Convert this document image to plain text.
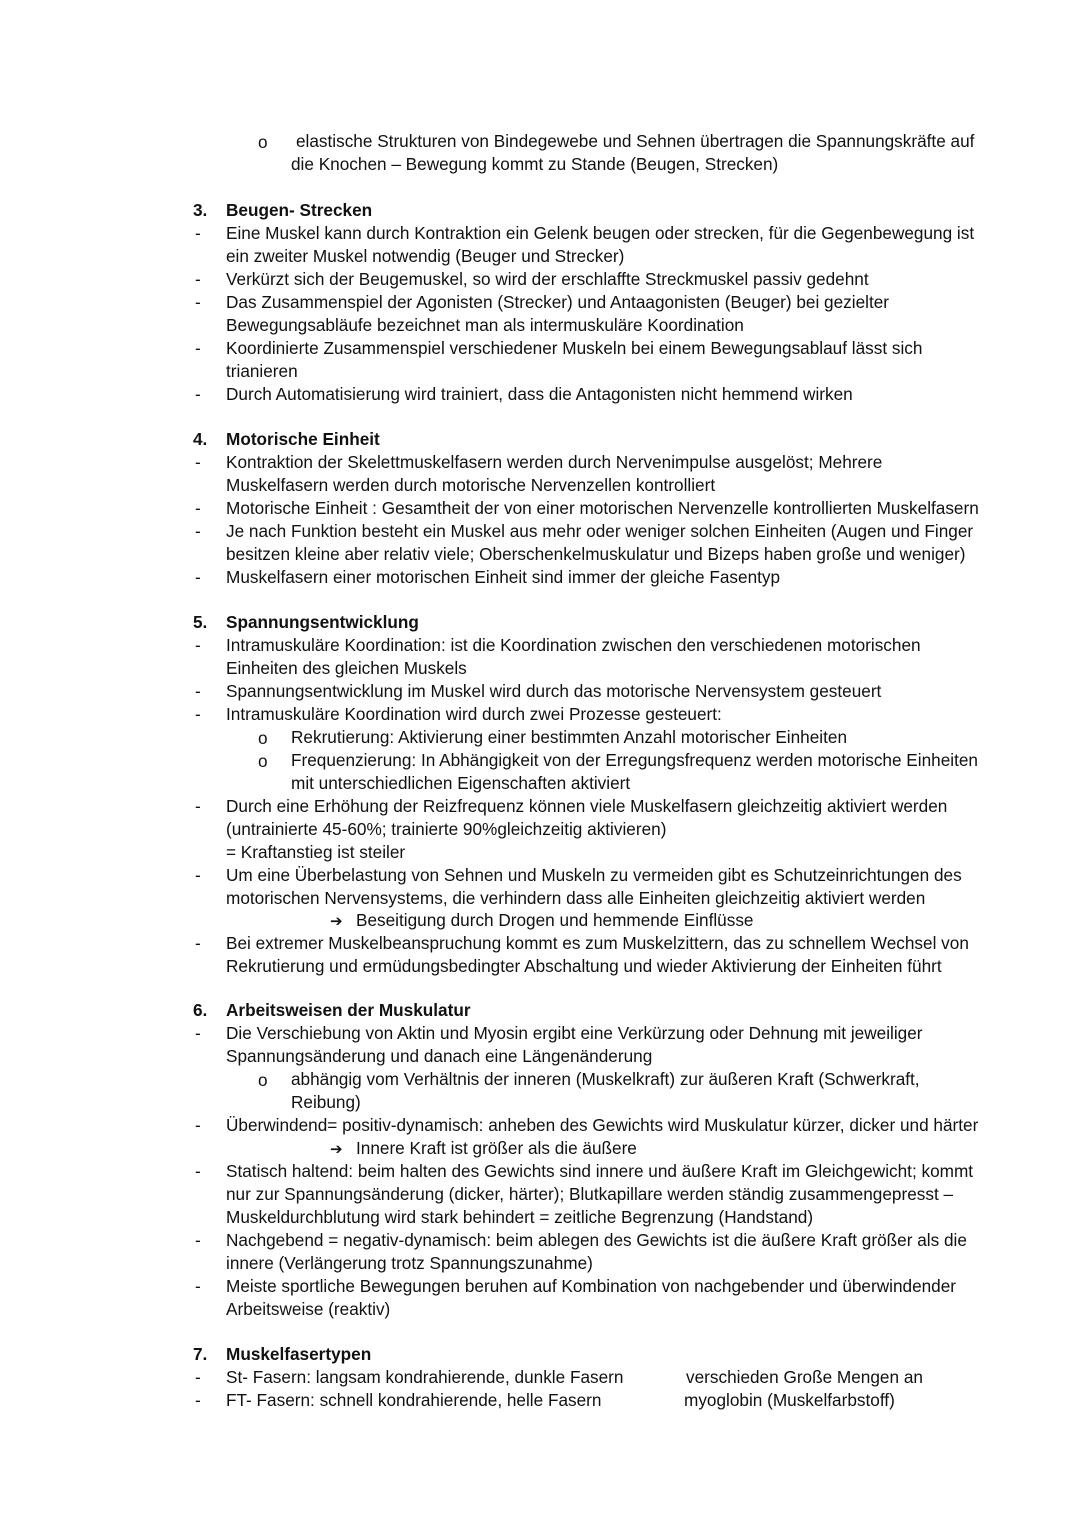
o elastische Strukturen von Bindegewebe und Sehnen übertragen die Spannungskräfte auf
die Knochen – Bewegung kommt zu Stande (Beugen, Strecken)
3. Beugen- Strecken
Eine Muskel kann durch Kontraktion ein Gelenk beugen oder strecken, für die Gegenbewegung ist
ein zweiter Muskel notwendig (Beuger und Strecker)
Verkürzt sich der Beugemuskel, so wird der erschlaffte Streckmuskel passiv gedehnt
Das Zusammenspiel der Agonisten (Strecker) und Antaagonisten (Beuger) bei gezielter
Bewegungsabläufe bezeichnet man als intermuskuläre Koordination
Koordinierte Zusammenspiel verschiedener Muskeln bei einem Bewegungsablauf lässt sich
trianieren
Durch Automatisierung wird trainiert, dass die Antagonisten nicht hemmend wirken
-
-
-
-
-
4. Motorische Einheit
-
-
-
-
Kontraktion der Skelettmuskelfasern werden durch Nervenimpulse ausgelöst; Mehrere
Muskelfasern werden durch motorische Nervenzellen kontrolliert
Motorische Einheit : Gesamtheit der von einer motorischen Nervenzelle kontrollierten Muskelfasern
Je nach Funktion besteht ein Muskel aus mehr oder weniger solchen Einheiten (Augen und Finger
besitzen kleine aber relativ viele; Oberschenkelmuskulatur und Bizeps haben große und weniger)
Muskelfasern einer motorischen Einheit sind immer der gleiche Fasentyp
5. Spannungsentwicklung
Intramuskuläre Koordination: ist die Koordination zwischen den verschiedenen motorischen
Einheiten des gleichen Muskels
Spannungsentwicklung im Muskel wird durch das motorische Nervensystem gesteuert
Intramuskuläre Koordination wird durch zwei Prozesse gesteuert:
Rekrutierung: Aktivierung einer bestimmten Anzahl motorischer Einheiten
Frequenzierung: In Abhängigkeit von der Erregungsfrequenz werden motorische Einheiten
mit unterschiedlichen Eigenschaften aktiviert
Durch eine Erhöhung der Reizfrequenz können viele Muskelfasern gleichzeitig aktiviert werden
(untrainierte 45-60%; trainierte 90%gleichzeitig aktivieren)
= Kraftanstieg ist steiler
Um eine Überbelastung von Sehnen und Muskeln zu vermeiden gibt es Schutzeinrichtungen des
motorischen Nervensystems, die verhindern dass alle Einheiten gleichzeitig aktiviert werden
Beseitigung durch Drogen und hemmende Einflüsse
Bei extremer Muskelbeanspruchung kommt es zum Muskelzittern, das zu schnellem Wechsel von
Rekrutierung und ermüdungsbedingter Abschaltung und wieder Aktivierung der Einheiten führt
-
-
-
-
-
-
o
o
➔
6. Arbeitsweisen der Muskulatur
Die Verschiebung von Aktin und Myosin ergibt eine Verkürzung oder Dehnung mit jeweiliger
Spannungsänderung und danach eine Längenänderung
abhängig vom Verhältnis der inneren (Muskelkraft) zur äußeren Kraft (Schwerkraft,
Reibung)
Überwindend= positiv-dynamisch: anheben des Gewichts wird Muskulatur kürzer, dicker und härter
Innere Kraft ist größer als die äußere
Statisch haltend: beim halten des Gewichts sind innere und äußere Kraft im Gleichgewicht; kommt
nur zur Spannungsänderung (dicker, härter); Blutkapillare werden ständig zusammengepresst –
Muskeldurchblutung wird stark behindert = zeitliche Begrenzung (Handstand)
Nachgebend = negativ-dynamisch: beim ablegen des Gewichts ist die äußere Kraft größer als die
innere (Verlängerung trotz Spannungszunahme)
Meiste sportliche Bewegungen beruhen auf Kombination von nachgebender und überwindender
Arbeitsweise (reaktiv)
-
-
-
-
-
o
➔
7. Muskelfasertypen
-
-
St- Fasern: langsam kondrahierende, dunkle Fasern
FT- Fasern: schnell kondrahierende, helle Fasern
verschieden Große Mengen an
myoglobin (Muskelfarbstoff)
